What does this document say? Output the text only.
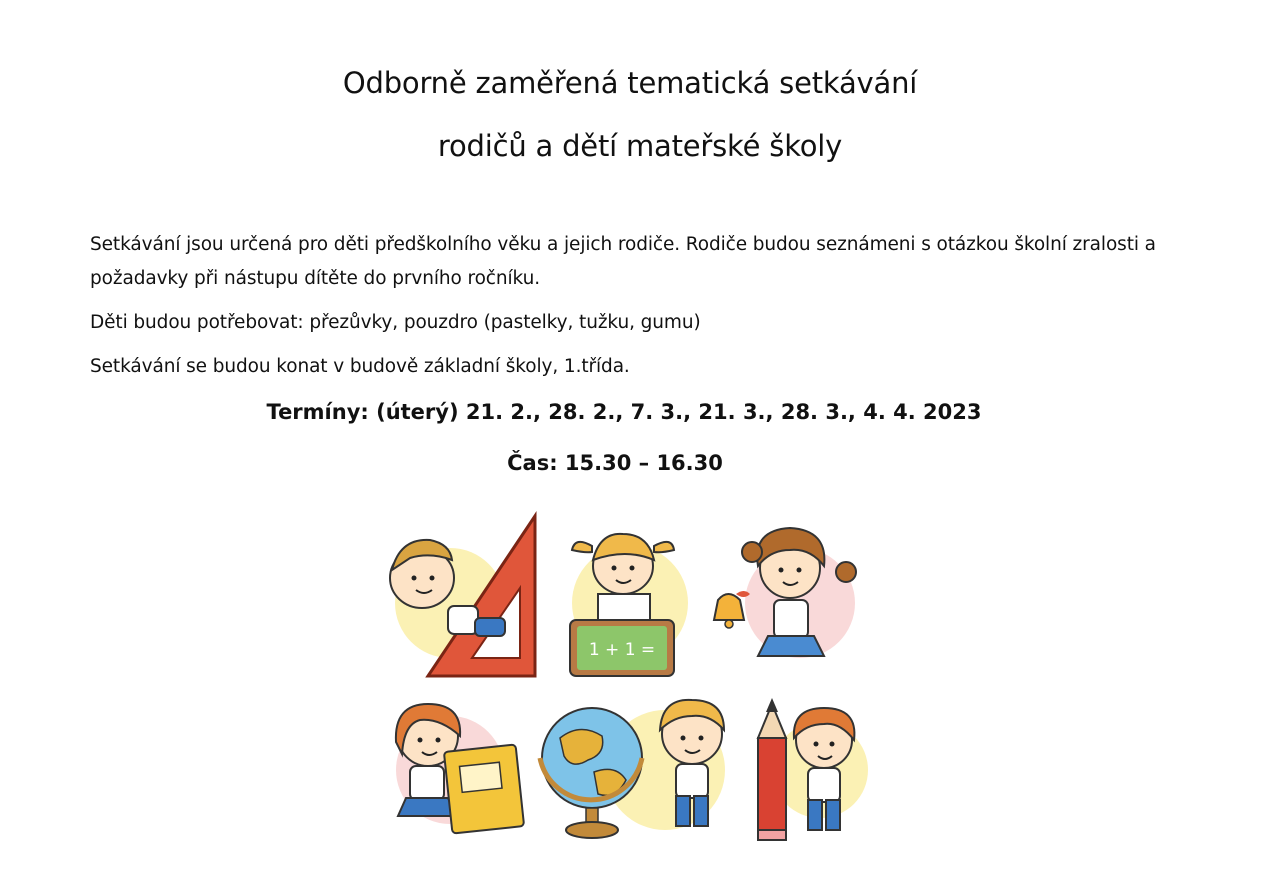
Odborně zaměřená tematická setkávání
rodičů a dětí mateřské školy
Setkávání jsou určená pro děti předškolního věku a jejich rodiče. Rodiče budou seznámeni s otázkou školní zralosti a požadavky při nástupu dítěte do prvního ročníku.
Děti budou potřebovat: přezůvky, pouzdro (pastelky, tužku, gumu)
Setkávání se budou konat v budově základní školy, 1.třída.
Termíny: (úterý) 21. 2., 28. 2., 7. 3., 21. 3., 28. 3., 4. 4. 2023
Čas: 15.30 – 16.30
1 + 1 =
